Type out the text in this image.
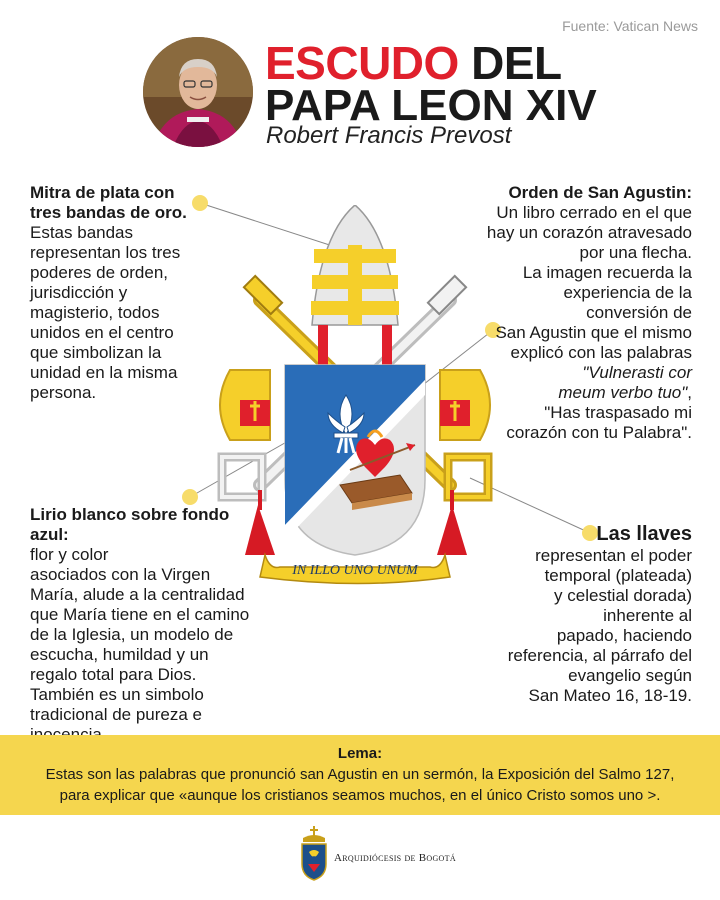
Fuente: Vatican News
ESCUDO DEL
PAPA LEON XIV
Robert Francis Prevost
IN ILLO UNO UNUM
Mitra de plata con
tres bandas de oro.
Estas bandas
representan los tres
poderes de orden,
jurisdicción y
magisterio, todos
unidos en el centro
que simbolizan la
unidad en la misma
persona.
Orden de San Agustin:
Un libro cerrado en el que
hay un corazón atravesado
por una flecha.
La imagen recuerda la
experiencia de la
conversión de
San Agustin que el mismo
explicó con las palabras
"Vulnerasti cor
meum verbo tuo",
"Has traspasado mi
corazón con tu Palabra".
Lirio blanco sobre fondo
azul:
flor y color
asociados con la Virgen
María, alude a la centralidad
que María tiene en el camino
de la Iglesia, un modelo de
escucha, humildad y un
regalo total para Dios.
También es un simbolo
tradicional de pureza e
Las llaves
representan el poder
temporal (plateada)
y celestial dorada)
inherente al
papado, haciendo
referencia, al párrafo del
evangelio según
San Mateo 16, 18-19.
Lema:
Estas son las palabras que pronunció san Agustin en un sermón, la Exposición del Salmo 127,
para explicar que «aunque los cristianos seamos muchos, en el único Cristo somos uno >.
Arquidiócesis de Bogotá
